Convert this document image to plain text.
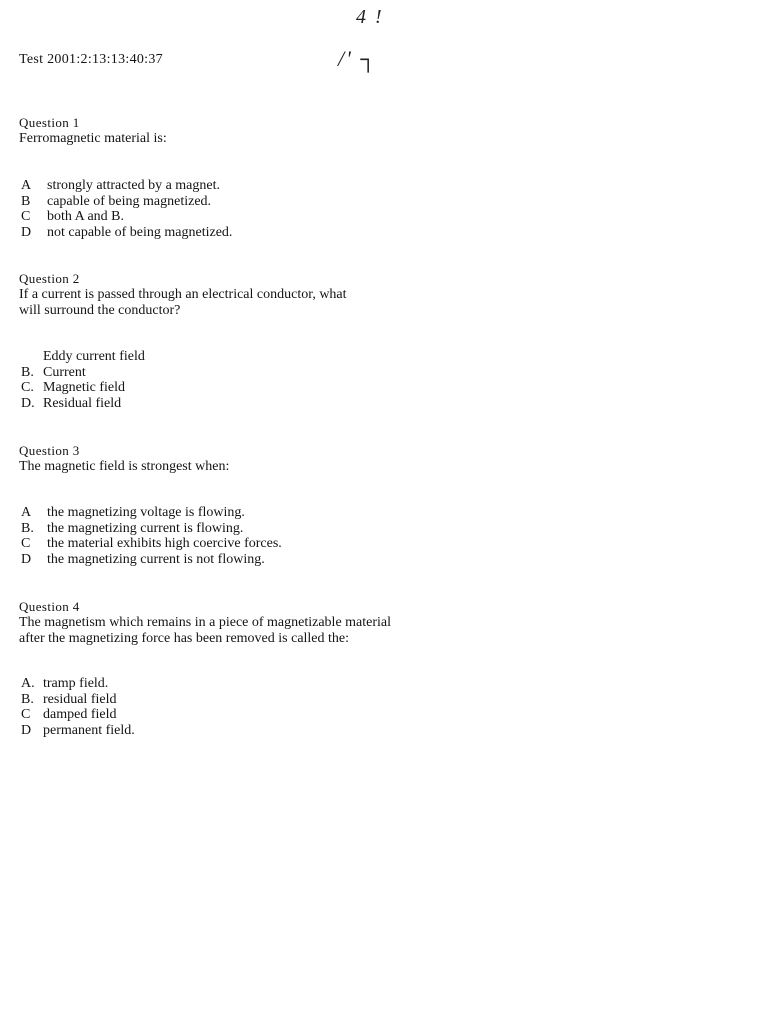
4 !
/' ┐
Test 2001:2:13:13:40:37
Question 1
Ferromagnetic material is:
A strongly attracted by a magnet.
B capable of being magnetized.
C both A and B.
D not capable of being magnetized.
Question 2
If a current is passed through an electrical conductor, what
will surround the conductor?
Eddy current field
B. Current
C. Magnetic field
D. Residual field
Question 3
The magnetic field is strongest when:
A the magnetizing voltage is flowing.
B. the magnetizing current is flowing.
C the material exhibits high coercive forces.
D the magnetizing current is not flowing.
Question 4
The magnetism which remains in a piece of magnetizable material
after the magnetizing force has been removed is called the:
A. tramp field.
B. residual field
C damped field
D permanent field.
